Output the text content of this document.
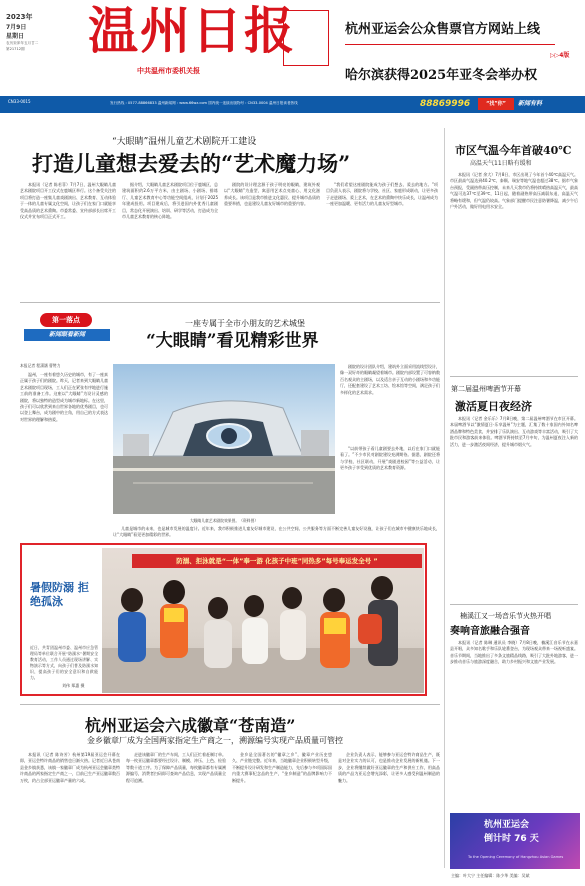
2023年
7月9日
星期日
农历癸卯年五月廿二
第21712期	温州日报
中共温州市委机关报
杭州亚运会公众售票官方网站上线
▷▷4版
哈尔滨获得2025年亚冬会举办权
CN33-0015	发行热线 : 0577-88866833 温州新闻网 : www.66wz.com 国内统一连续出版物号 : CN33-0004 温州日报读者热线	88869996	“找”你”	新闻有料
“大眼睛”温州儿童艺术剧院开工建设
打造儿童想去爱去的“艺术魔力场”

本报讯（记者 陈若菲）7月7日，温州大眼睛儿童艺术剧院项目开工仪式在鹿城区举行。这个备受关注的项目将打造一座集儿童戏剧演出、艺术教育、互动体验于一体的儿童专属文化空间，让孩子们在家门口就能享受高品质的艺术熏陶。市委常委、宣传部部长出席开工仪式并宣布项目正式开工。

据介绍，大眼睛儿童艺术剧院项目位于鹿城区，总建筑面积约2.6万平方米，由主剧场、小剧场、排练厅、儿童艺术教育中心等功能空间组成，计划于2025年建成投用。项目建成后，将引进国内外优秀儿童剧目，常态化开展演出、培训、研学等活动，打造成为全市儿童艺术教育的核心阵地。

剧院的设计理念源于孩子明亮的眼睛，建筑外观以“大眼睛”为造型，寓意用艺术点亮童心、用文化滋养成长。该项目是我市推进文化惠民、提升城市品质的重要举措，也是建设儿童友好城市的重要内容。

“我们希望这座剧院能成为孩子们想去、爱去的地方。”项目负责人表示，剧院将与学校、社区、家庭形成联动，让更多孩子走进剧场、爱上艺术，在艺术的熏陶中快乐成长，让温州成为一座更加温暖、更有活力的儿童友好型城市。

市区气温今年首破40℃
高温天气11日略有缓和

本报讯（记者 余大）7月8日，市区出现了今年首个40℃高温天气。市区最高气温达到40.2℃，泰顺、瑞安等地气温也超过38℃。据市气象台预报，受副热带高压控制，未来几天我市仍将持续晴热高温天气，最高气温可达37℃至39℃，11日起，随着副热带高压减弱东退，高温天气将略有缓和，但气温仍较高。气象部门提醒市民注意防暑降温，减少午后户外活动，做好用电用水安全。

第一落点
新闻眼看新闻
一座专属于全市小朋友的艺术城堡
“大眼睛”看见精彩世界
本报记者 程潇涵 曹赞力

温州，一座有着悠久历史的城市，有了一座真正属于孩子们的剧院。昨天，记者来到大眼睛儿童艺术剧院项目现场，工人们正在紧张有序地进行施工前的准备工作。这座以“大眼睛”为设计灵感的剧院，将以独特的造型成为城市新地标。在这里，孩子们可以欣赏到来自世界各地的优秀剧目，也可以登上舞台，成为剧中的主角，用自己的方式表达对世界的理解和热爱。

大眼睛儿童艺术剧院效果图。（资料图）

剧院的设计团队介绍，建筑外立面采用流线型设计，像一双好奇的眼睛凝望着城市。剧院内部设置了可容纳数百名观众的主剧场，以及适合亲子互动的小剧场和多功能厅，还配套建设了艺术工坊、绘本馆等空间，满足孩子们多样化的艺术需求。

“以前带孩子看儿童剧要去外地，以后在家门口就能看了。”不少市民对剧院建设充满期待。据悉，剧院还将与学校、社区联动，开展“戏剧进校园”等公益活动，让更多孩子享受到优质的艺术教育资源。

儿童是城市的未来，也是城市发展的温度计。近年来，我市积极推进儿童友好城市建设，在公共空间、公共服务等方面不断完善儿童友好设施，让孩子们在城市中健康快乐地成长，让“大眼睛”看见更加精彩的世界。

第二届温州啤酒节开幕
激活夏日夜经济

本报讯（记者 金乐乐）7月8日晚，第二届温州啤酒节在市区开幕。本届啤酒节以“激情夏日·乐享温州”为主题，汇集了数十家国内外知名啤酒品牌和特色美食，并安排了乐队演出、互动游戏等丰富活动，吸引了大批市民和游客前来体验。啤酒节将持续至7月中旬，为温州夏夜注入新的活力，进一步激活夜间经济，提升城市烟火气。

楠溪江又一场音乐节火热开唱
奏响音旅融合强音

本报讯（记者 陈琳 通讯员 李晓）7月8日晚，楠溪江音乐节在永嘉县开唱，众多知名歌手和乐队轮番登台，为现场观众带来一场视听盛宴。音乐节期间，当地推出了多条文旅精品线路，吸引了大批外地游客，进一步推动音乐与旅游深度融合，助力乡村振兴和文旅产业发展。

暑假防溺 拒绝孤泳
近日，共青团温州市委、温州市应急管理局等单位联合开展“防溺水”暑期安全教育活动，工作人员通过现场讲解、实物演示等方式，向孩子们普及防溺水知识，提高孩子们的安全意识和自救能力。
刘伟 郑惠 摄
防溺、拒泳就是“一体”奉一游 化孩子中班”同热多”每号奉运发全号 ”
杭州亚运会六成徽章“苍南造”
金乡徽章厂成为全国两家指定生产商之一，溯源编号实现产品质量可管控

本报讯（记者 陈诗芳）杭州第19届亚运会开幕在即，亚运会特许商品的销售也日渐火热。记者近日从苍南县金乡镇获悉，该镇一家徽章厂成为杭州亚运会徽章类特许商品的两家指定生产商之一，目前已生产亚运徽章数百万枚，约占全部亚运徽章产量的六成。

走进该徽章厂的生产车间，工人们正忙着赶制订单。每一枚亚运徽章都要经过设计、制模、冲压、上色、检验等数十道工序。为了保障产品质量，每枚徽章都有专属溯源编号，消费者扫码即可查询产品信息，实现产品质量全程可追溯。

金乡是全国著名的“徽章之乡”，徽章产业历史悠久、产业链完整。近年来，当地徽章企业积极转型升级，不断提升设计研发和生产制造能力，先后参与多项国际国内重大赛事纪念品的生产，“金乡制造”的品牌影响力不断提升。

企业负责人表示，能够参与亚运会特许商品生产，既是对企业实力的认可，也是推动企业发展的新机遇。下一步，企业将继续做好亚运徽章的生产和供应工作，用高品质的产品为亚运会增光添彩，让更多人感受到温州制造的魅力。

杭州亚运会
倒计时 76 天
To the Opening Ceremony of Hangzhou Asian Games
主编：叶大宁 主任编辑：陈少华 美编：吴斌
